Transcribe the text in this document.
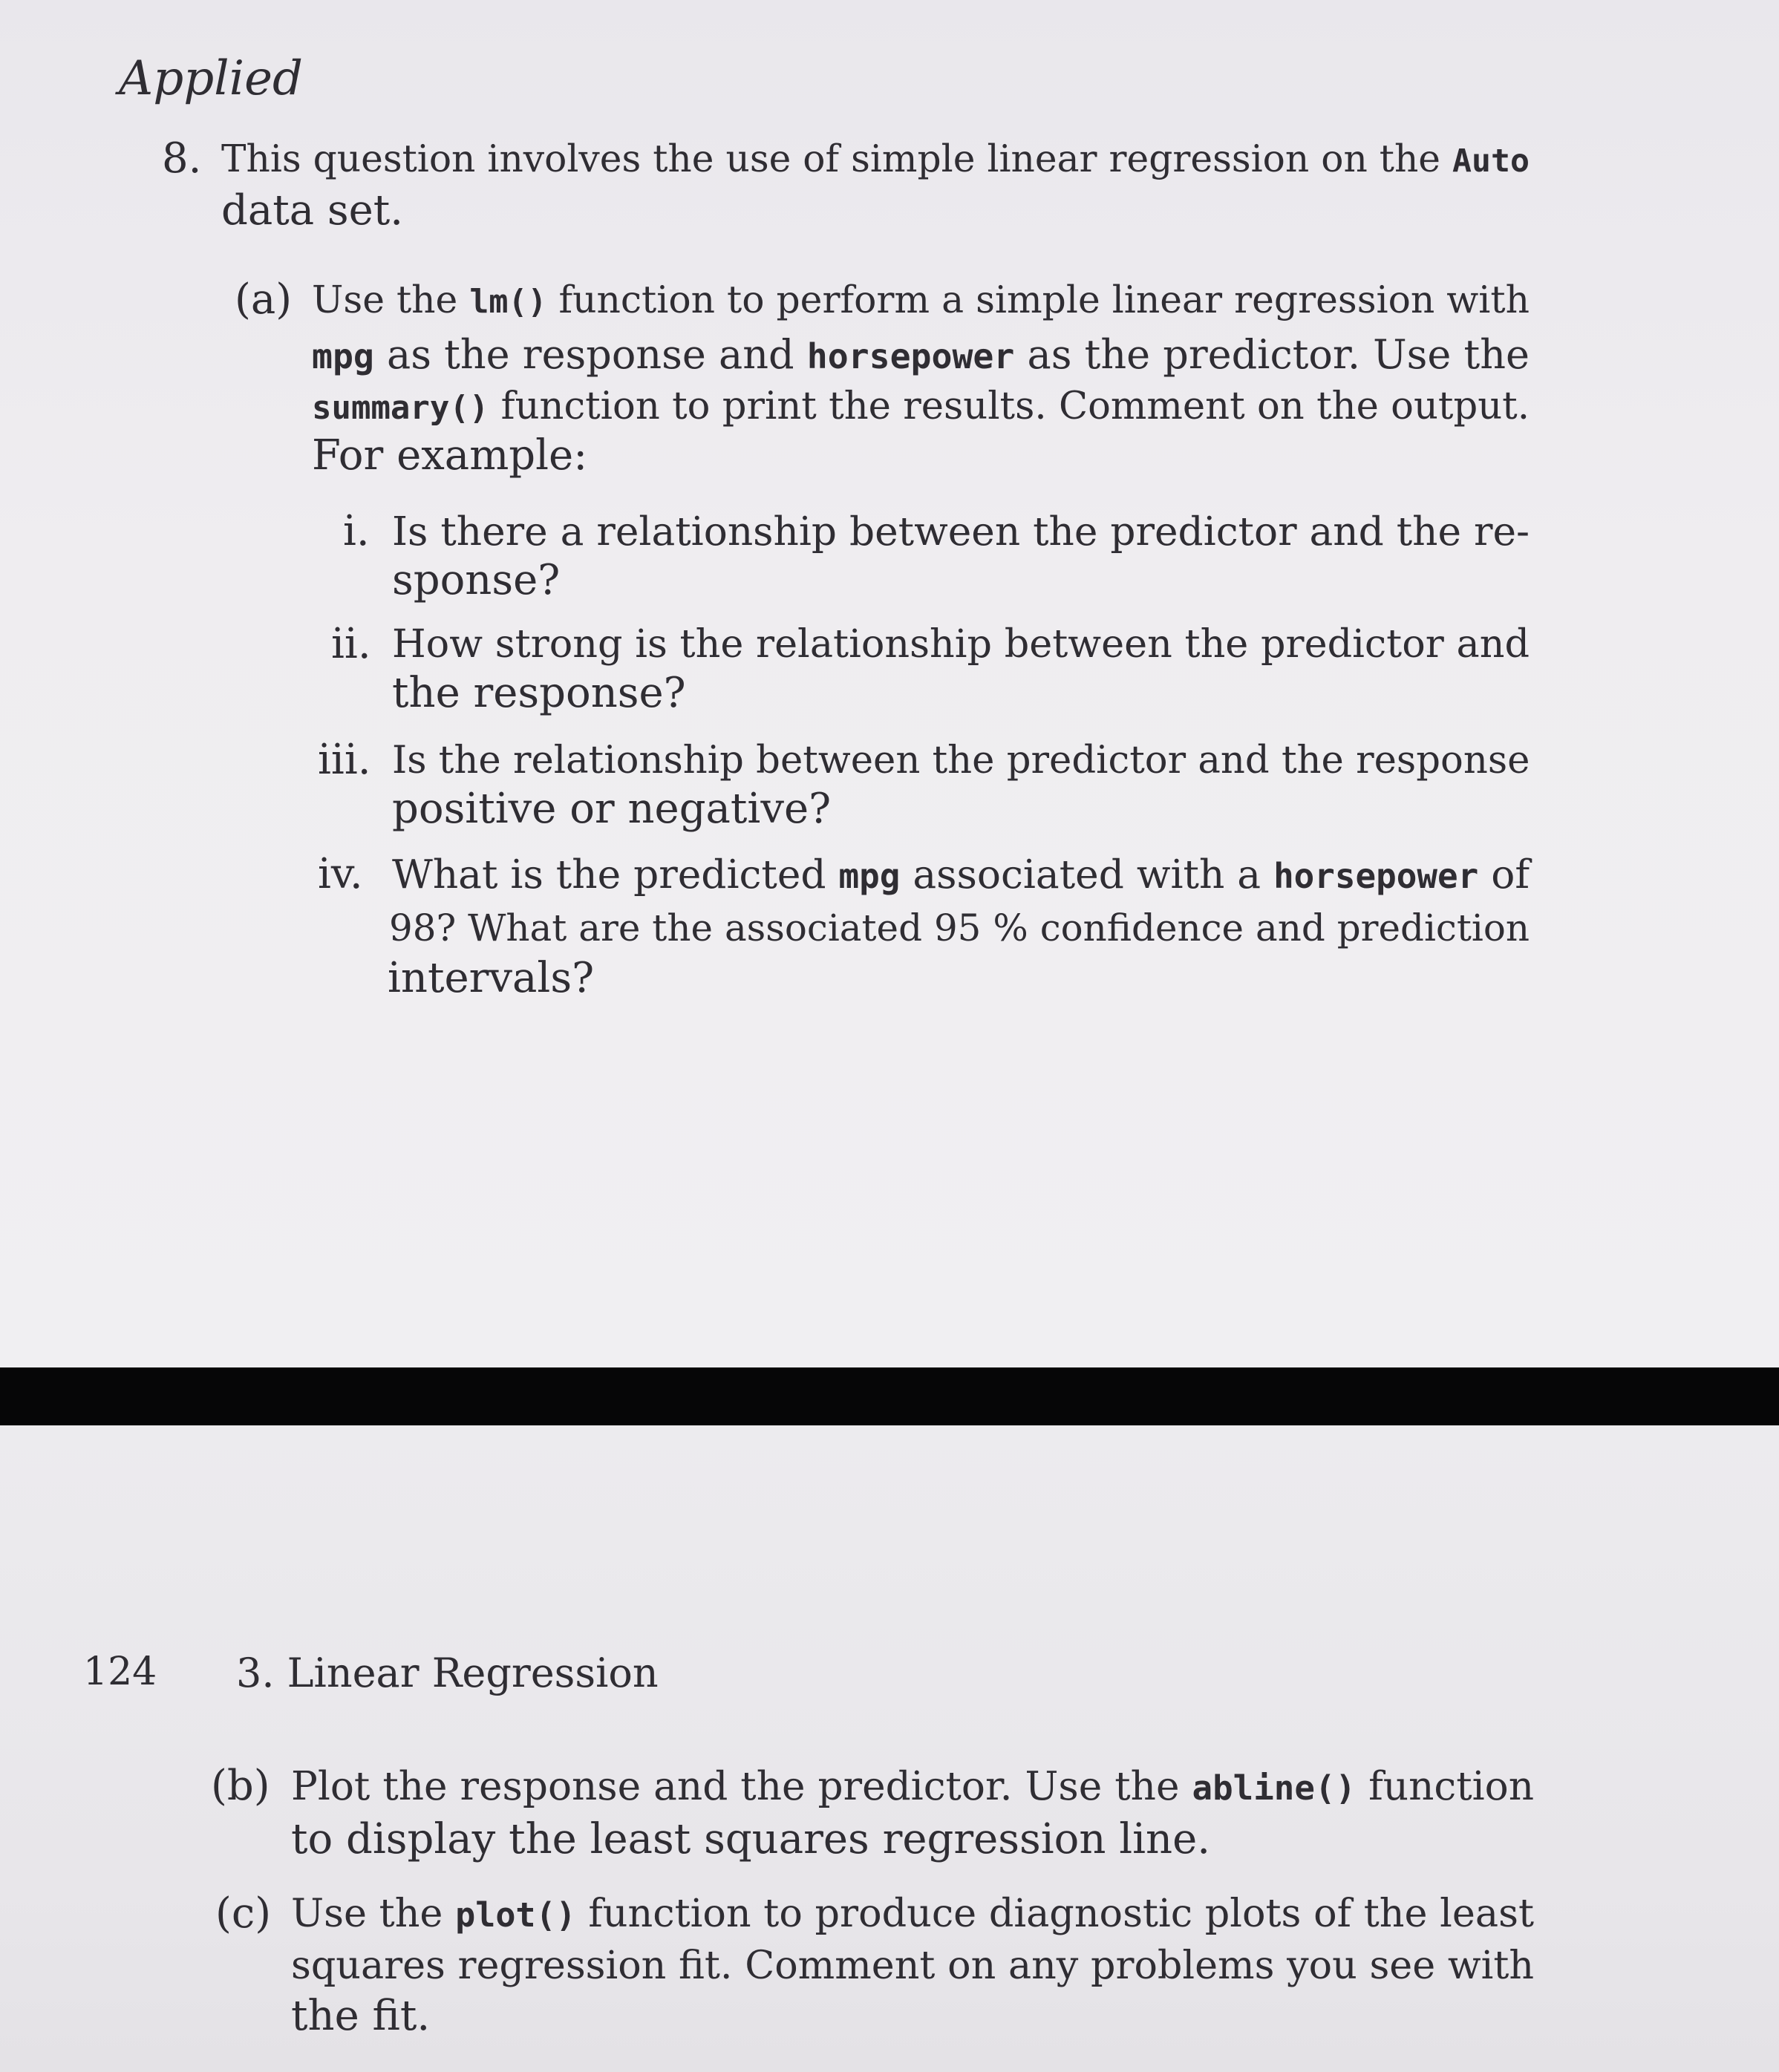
Applied
8. This question involves the use of simple linear regression on the Auto
data set.
(a) Use the lm() function to perform a simple linear regression with
mpg as the response and horsepower as the predictor. Use the
summary() function to print the results. Comment on the output.
For example:
i. Is there a relationship between the predictor and the re-
sponse?
ii. How strong is the relationship between the predictor and
the response?
iii. Is the relationship between the predictor and the response
positive or negative?
iv. What is the predicted mpg associated with a horsepower of
98? What are the associated 95 % confidence and prediction
intervals?
124 3. Linear Regression
(b) Plot the response and the predictor. Use the abline() function
to display the least squares regression line.
(c) Use the plot() function to produce diagnostic plots of the least
squares regression fit. Comment on any problems you see with
the fit.
